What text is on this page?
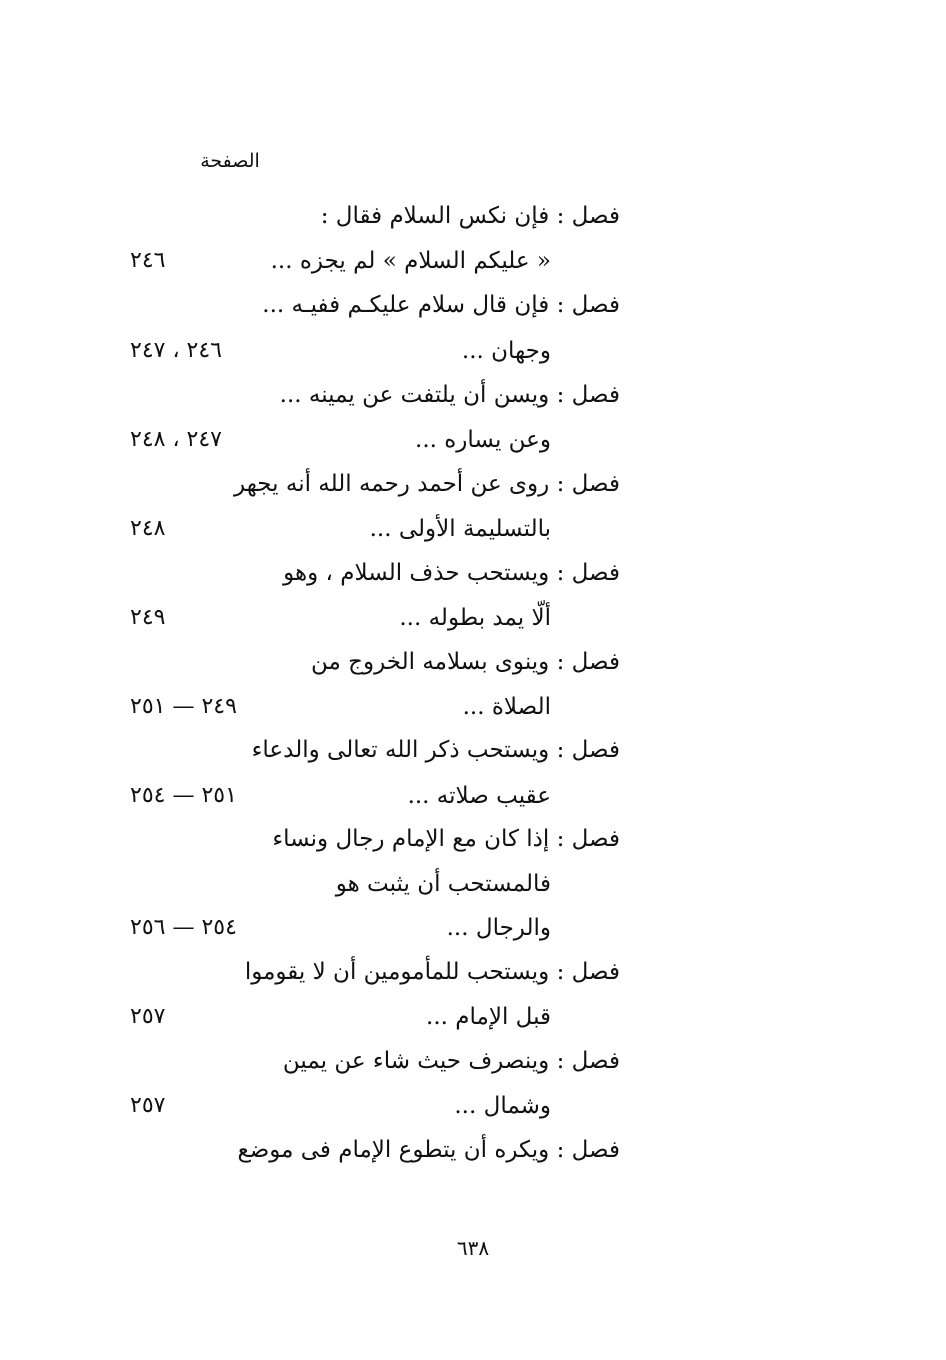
الصفحة
فصل : فإن نكس السلام فقال :
« عليكم السلام » لم يجزه ...
٢٤٦
فصل : فإن قال سلام عليكـم ففيـه ...
وجهان ...
٢٤٦ ، ٢٤٧
فصل : ويسن أن يلتفت عن يمينه ...
وعن يساره ...
٢٤٧ ، ٢٤٨
فصل : روى عن أحمد رحمه الله أنه يجهر
بالتسليمة الأولى ...
٢٤٨
فصل : ويستحب حذف السلام ، وهو
ألّا يمد بطوله ...
٢٤٩
فصل : وينوى بسلامه الخروج من
الصلاة ...
٢٤٩ — ٢٥١
فصل : ويستحب ذكر الله تعالى والدعاء
عقيب صلاته ...
٢٥١ — ٢٥٤
فصل : إذا كان مع الإمام رجال ونساء
فالمستحب أن يثبت هو
والرجال ...
٢٥٤ — ٢٥٦
فصل : ويستحب للمأمومين أن لا يقوموا
قبل الإمام ...
٢٥٧
فصل : وينصرف حيث شاء عن يمين
وشمال ...
٢٥٧
فصل : ويكره أن يتطوع الإمام فى موضع
٦٣٨
